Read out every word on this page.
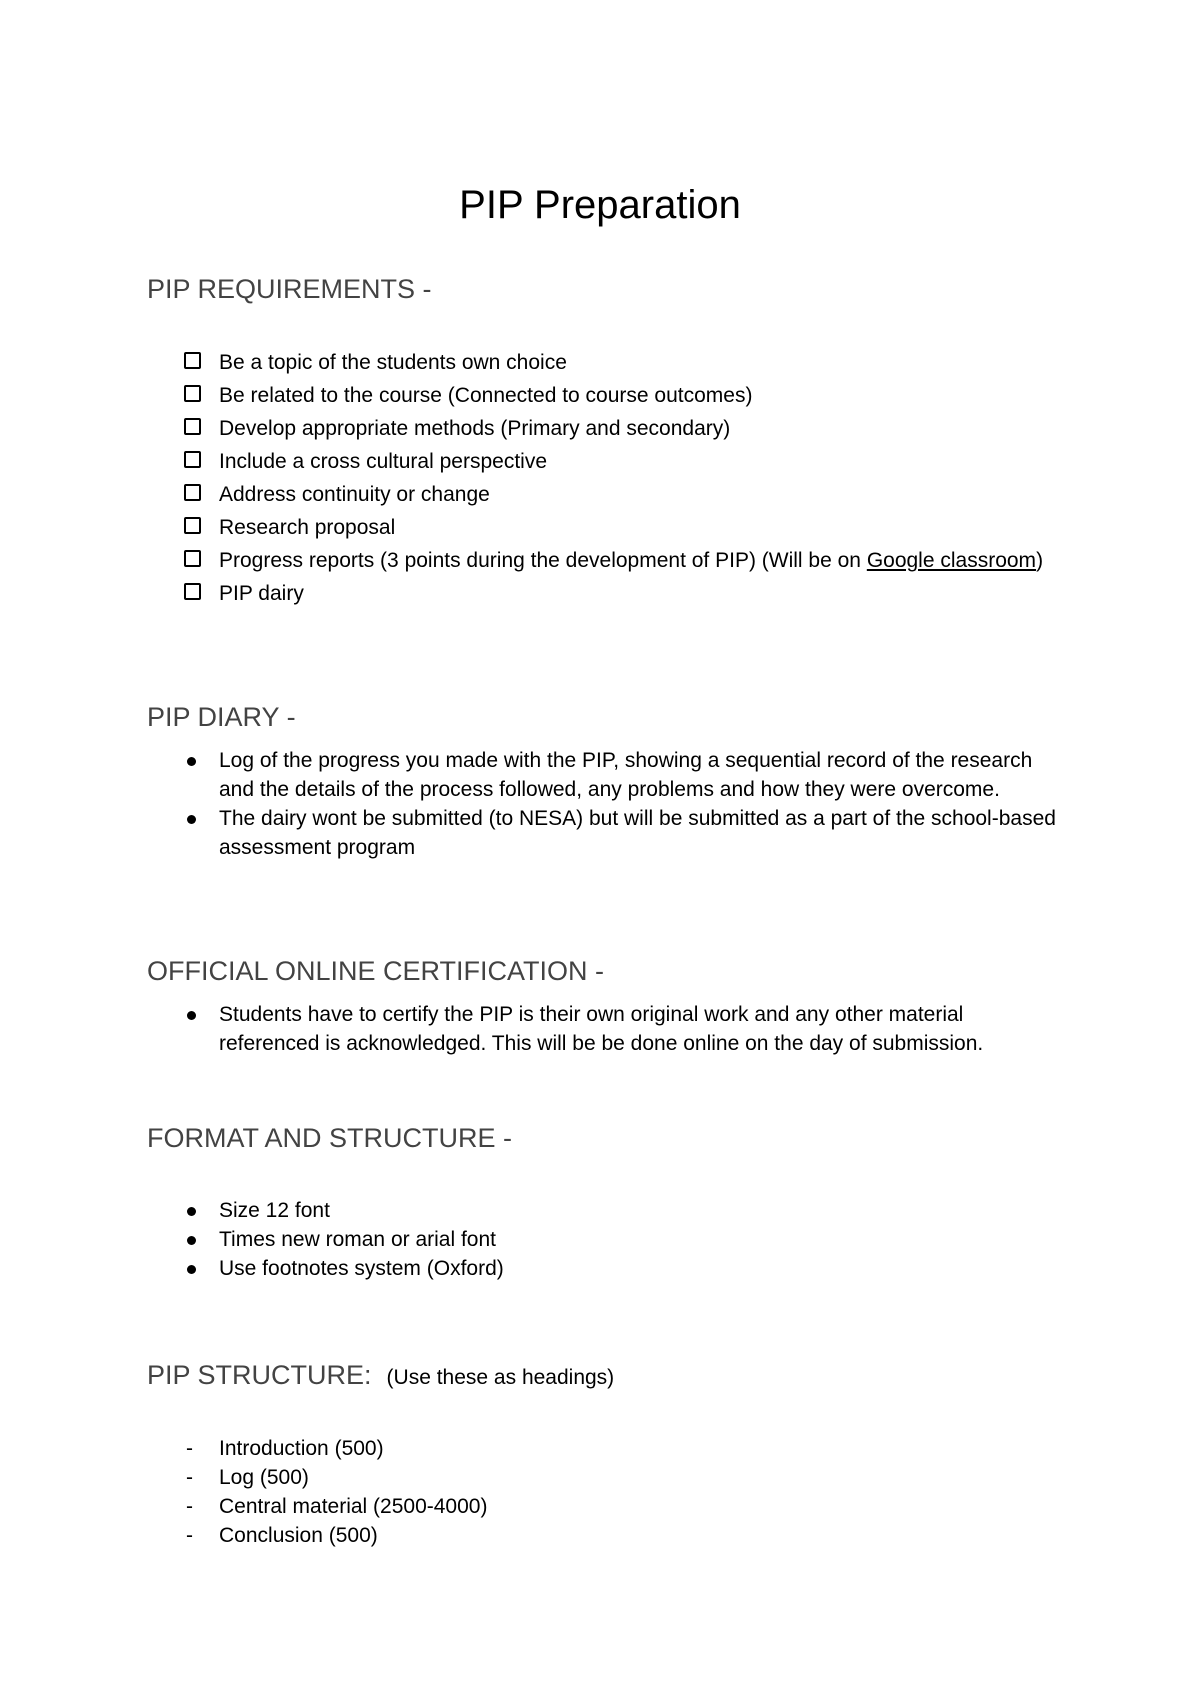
PIP Preparation
PIP REQUIREMENTS -
Be a topic of the students own choice
Be related to the course (Connected to course outcomes)
Develop appropriate methods (Primary and secondary)
Include a cross cultural perspective
Address continuity or change
Research proposal
Progress reports (3 points during the development of PIP) (Will be on Google classroom)
PIP dairy
PIP DIARY -
Log of the progress you made with the PIP, showing a sequential record of the research and the details of the process followed, any problems and how they were overcome.
The dairy wont be submitted (to NESA) but will be submitted as a part of the school-based assessment program
OFFICIAL ONLINE CERTIFICATION -
Students have to certify the PIP is their own original work and any other material referenced is acknowledged. This will be be done online on the day of submission.
FORMAT AND STRUCTURE -
Size 12 font
Times new roman or arial font
Use footnotes system (Oxford)
PIP STRUCTURE: (Use these as headings)
- Introduction (500)
- Log (500)
- Central material (2500-4000)
- Conclusion (500)
